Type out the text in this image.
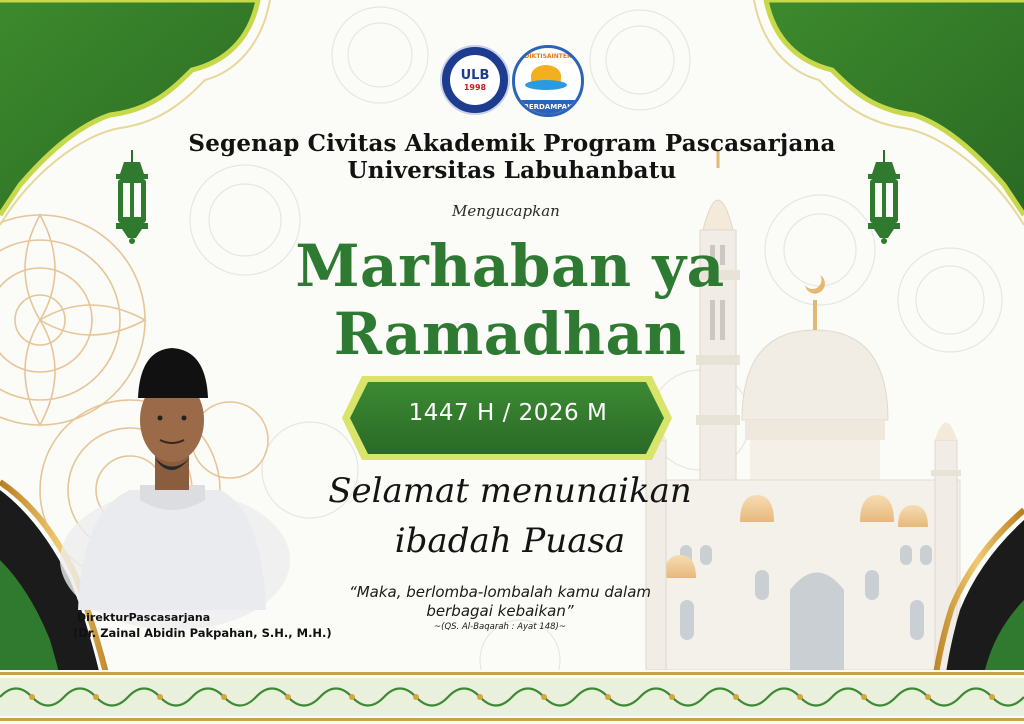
ULB
1998
DIKTISAINTEK
BERDAMPAK
Segenap Civitas Akademik Program Pascasarjana
Universitas Labuhanbatu
Mengucapkan
Marhaban ya
Ramadhan
1447 H / 2026 M
Selamat menunaikan
ibadah Puasa
“Maka, berlomba-lombalah kamu dalam
berbagai kebaikan”
~(QS. Al-Baqarah : Ayat 148)~
DirekturPascasarjana
(Dr. Zainal Abidin Pakpahan, S.H., M.H.)
